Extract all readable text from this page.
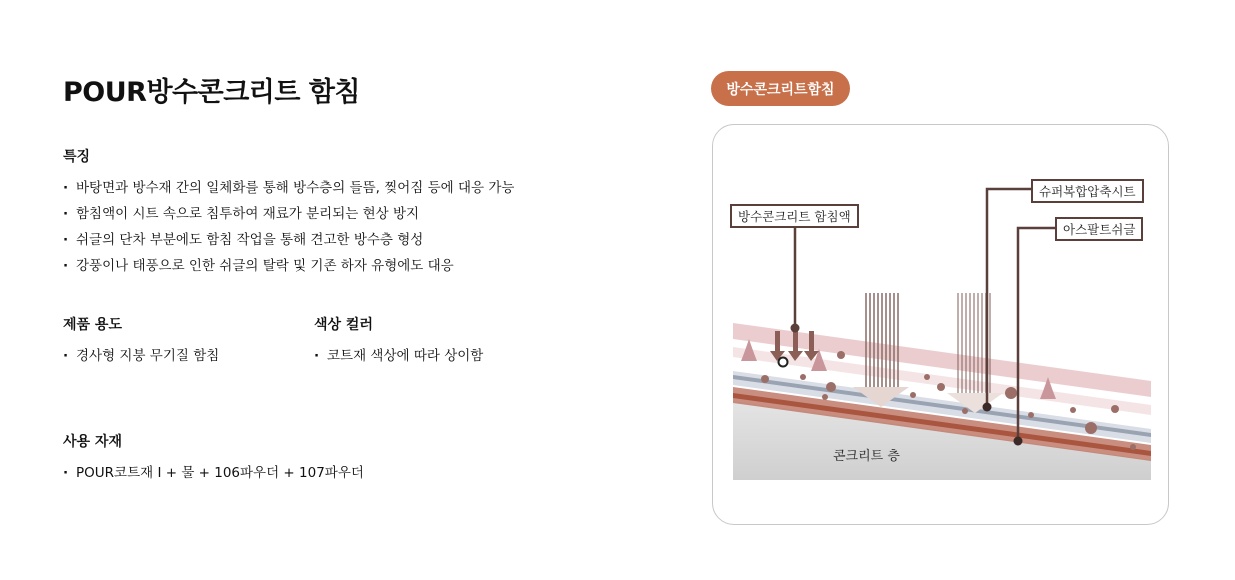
POUR방수콘크리트 함침
특징
· 바탕면과 방수재 간의 일체화를 통해 방수층의 들뜸, 찢어짐 등에 대응 가능
· 함침액이 시트 속으로 침투하여 재료가 분리되는 현상 방지
· 쉬글의 단차 부분에도 함침 작업을 통해 견고한 방수층 형성
· 강풍이나 태풍으로 인한 쉬글의 탈락 및 기존 하자 유형에도 대응
제품 용도
· 경사형 지붕 무기질 함침
색상 컬러
· 코트재 색상에 따라 상이함
사용 자재
· POUR코트재 I + 물 + 106파우더 + 107파우더
방수콘크리트함침
방수콘크리트 함침액
슈퍼복합압축시트
아스팔트쉬글
콘크리트 층
